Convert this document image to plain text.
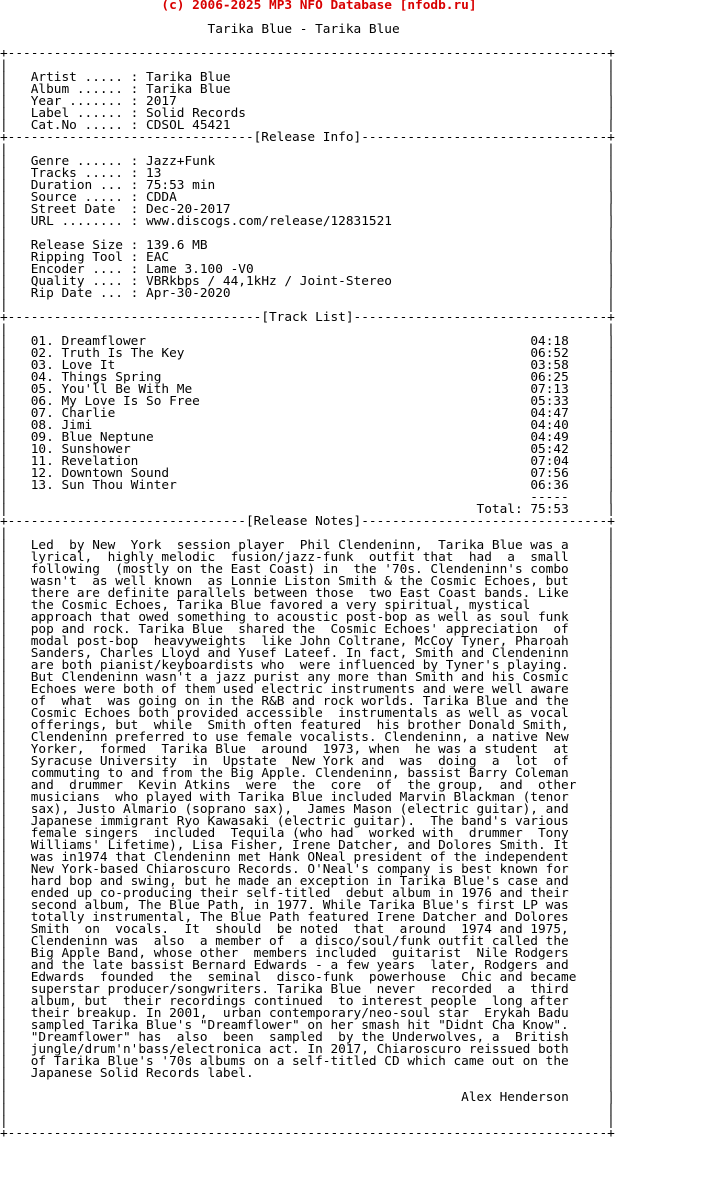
(c) 2006-2025 MP3 NFO Database [nfodb.ru]
Tarika Blue - Tarika Blue
+------------------------------------------------------------------------------+
|                                                                              |
|   Artist ..... : Tarika Blue                                                 |
|   Album ...... : Tarika Blue                                                 |
|   Year ....... : 2017                                                        |
|   Label ...... : Solid Records                                               |
|   Cat.No ..... : CDSOL 45421                                                 |
+--------------------------------[Release Info]--------------------------------+
|                                                                              |
|   Genre ...... : Jazz+Funk                                                   |
|   Tracks ..... : 13                                                          |
|   Duration ... : 75:53 min                                                   |
|   Source ..... : CDDA                                                        |
|   Street Date  : Dec-20-2017                                                 |
|   URL ........ : www.discogs.com/release/12831521                            |
|                                                                              |
|   Release Size : 139.6 MB                                                    |
|   Ripping Tool : EAC                                                         |
|   Encoder .... : Lame 3.100 -V0                                              |
|   Quality .... : VBRkbps / 44,1kHz / Joint-Stereo                            |
|   Rip Date ... : Apr-30-2020                                                 |
|                                                                              |
+---------------------------------[Track List]---------------------------------+
|                                                                              |
|   01. Dreamflower	04:18     |
|   02. Truth Is The Key	06:52     |
|   03. Love It	03:58     |
|   04. Things Spring	06:25     |
|   05. You'll Be With Me	07:13     |
|   06. My Love Is So Free	05:33     |
|   07. Charlie	04:47     |
|   08. Jimi	04:40     |
|   09. Blue Neptune	04:49     |
|   10. Sunshower	05:42     |
|   11. Revelation	07:04     |
|   12. Downtown Sound	07:56     |
|   13. Sun Thou Winter	06:36     |
|                                                                    -----     |
|	Total: 75:53     |
+-------------------------------[Release Notes]--------------------------------+
|                                                                              |
|   Led  by New  York  session player  Phil Clendeninn,  Tarika Blue was a     |
|   lyrical,  highly melodic  fusion/jazz-funk  outfit that  had  a  small     |
|   following  (mostly on the East Coast) in  the '70s. Clendeninn's combo     |
|   wasn't  as well known  as Lonnie Liston Smith & the Cosmic Echoes, but     |
|   there are definite parallels between those  two East Coast bands. Like     |
|   the Cosmic Echoes, Tarika Blue favored a very spiritual, mystical          |
|   approach that owed something to acoustic post-bop as well as soul funk     |
|   pop and rock. Tarika Blue  shared the  Cosmic Echoes' appreciation  of     |
|   modal post-bop  heavyweights  like John Coltrane, McCoy Tyner, Pharoah     |
|   Sanders, Charles Lloyd and Yusef Lateef. In fact, Smith and Clendeninn     |
|   are both pianist/keyboardists who  were influenced by Tyner's playing.     |
|   But Clendeninn wasn't a jazz purist any more than Smith and his Cosmic     |
|   Echoes were both of them used electric instruments and were well aware     |
|   of  what  was going on in the R&B and rock worlds. Tarika Blue and the     |
|   Cosmic Echoes both provided accessible  instrumentals as well as vocal     |
|   offerings, but  while  Smith often featured  his brother Donald Smith,     |
|   Clendeninn preferred to use female vocalists. Clendeninn, a native New     |
|   Yorker,  formed  Tarika Blue  around  1973, when  he was a student  at     |
|   Syracuse University  in  Upstate  New York and  was  doing  a  lot  of     |
|   commuting to and from the Big Apple. Clendeninn, bassist Barry Coleman     |
|   and  drummer  Kevin Atkins  were  the  core  of  the group,  and  other    |
|   musicians  who played with Tarika Blue included Marvin Blackman (tenor     |
|   sax), Justo Almario (soprano sax),  James Mason (electric guitar), and     |
|   Japanese immigrant Ryo Kawasaki (electric guitar).  The band's various     |
|   female singers  included  Tequila (who had  worked with  drummer  Tony     |
|   Williams' Lifetime), Lisa Fisher, Irene Datcher, and Dolores Smith. It     |
|   was in1974 that Clendeninn met Hank ONeal president of the independent     |
|   New York-based Chiaroscuro Records. O'Neal's company is best known for     |
|   hard bop and swing, but he made an exception in Tarika Blue's case and     |
|   ended up co-producing their self-titled  debut album in 1976 and their     |
|   second album, The Blue Path, in 1977. While Tarika Blue's first LP was     |
|   totally instrumental, The Blue Path featured Irene Datcher and Dolores     |
|   Smith  on  vocals.  It  should  be noted  that  around  1974 and 1975,     |
|   Clendeninn was  also  a member of  a disco/soul/funk outfit called the     |
|   Big Apple Band, whose other  members included  guitarist  Nile Rodgers     |
|   and the late bassist Bernard Edwards - a few years  later, Rodgers and     |
|   Edwards  founded  the  seminal  disco-funk  powerhouse  Chic and became    |
|   superstar producer/songwriters. Tarika Blue  never  recorded  a  third     |
|   album, but  their recordings continued  to interest people  long after     |
|   their breakup. In 2001,  urban contemporary/neo-soul star  Erykah Badu     |
|   sampled Tarika Blue's "Dreamflower" on her smash hit "Didnt Cha Know".     |
|   "Dreamflower" has  also  been  sampled  by the Underwolves, a  British     |
|   jungle/drum'n'bass/electronica act. In 2017, Chiaroscuro reissued both     |
|   of Tarika Blue's '70s albums on a self-titled CD which came out on the     |
|   Japanese Solid Records label.                                              |
|                                                                              |
|	Alex Henderson     |
|                                                                              |
|                                                                              |
+------------------------------------------------------------------------------+
